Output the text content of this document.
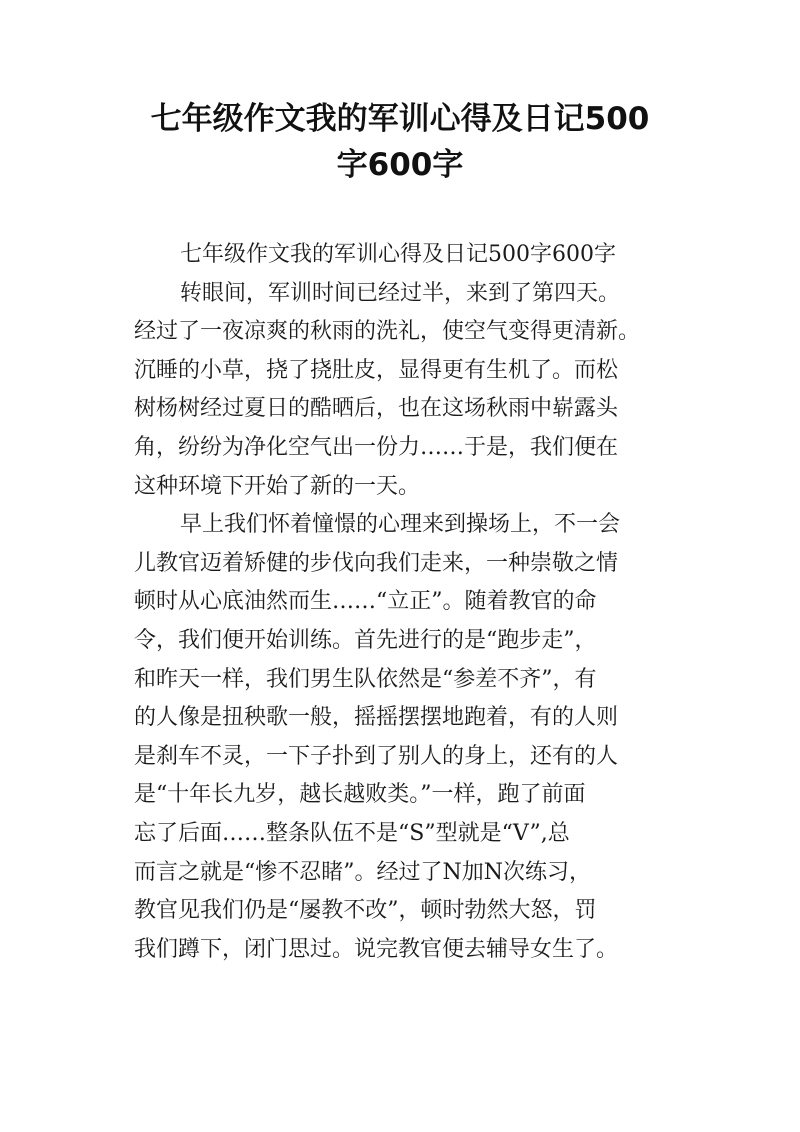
七年级作文我的军训心得及日记500
字600字
七年级作文我的军训心得及日记500字600字
转眼间，军训时间已经过半，来到了第四天。
经过了一夜凉爽的秋雨的洗礼，使空气变得更清新。
沉睡的小草，挠了挠肚皮，显得更有生机了。而松
树杨树经过夏日的酷晒后，也在这场秋雨中崭露头
角，纷纷为净化空气出一份力……于是，我们便在
这种环境下开始了新的一天。
早上我们怀着憧憬的心理来到操场上，不一会
儿教官迈着矫健的步伐向我们走来，一种崇敬之情
顿时从心底油然而生……“立正”。随着教官的命
令，我们便开始训练。首先进行的是“跑步走”，
和昨天一样，我们男生队依然是“参差不齐”，有
的人像是扭秧歌一般，摇摇摆摆地跑着，有的人则
是刹车不灵，一下子扑到了别人的身上，还有的人
是“十年长九岁，越长越败类。”一样，跑了前面
忘了后面……整条队伍不是“S”型就是“V”,总
而言之就是“惨不忍睹”。经过了N加N次练习，
教官见我们仍是“屡教不改”，顿时勃然大怒，罚
我们蹲下，闭门思过。说完教官便去辅导女生了。
